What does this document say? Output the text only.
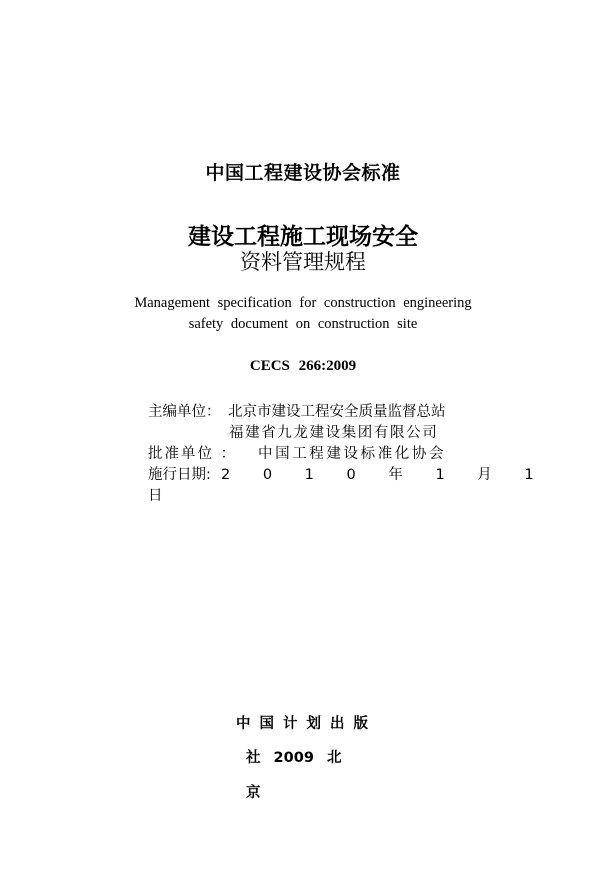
中国工程建设协会标准
建设工程施工现场安全
资料管理规程
Management specification for construction engineering
safety document on construction site
CECS 266:2009
主编单位： 北京市建设工程安全质量监督总站
福建省九龙建设集团有限公司
批准单位 ： 中国工程建设标准化协会
施行日期: 2 0 1 0 年 1 月 1
日
中国计划出版
社 2009 北
京
